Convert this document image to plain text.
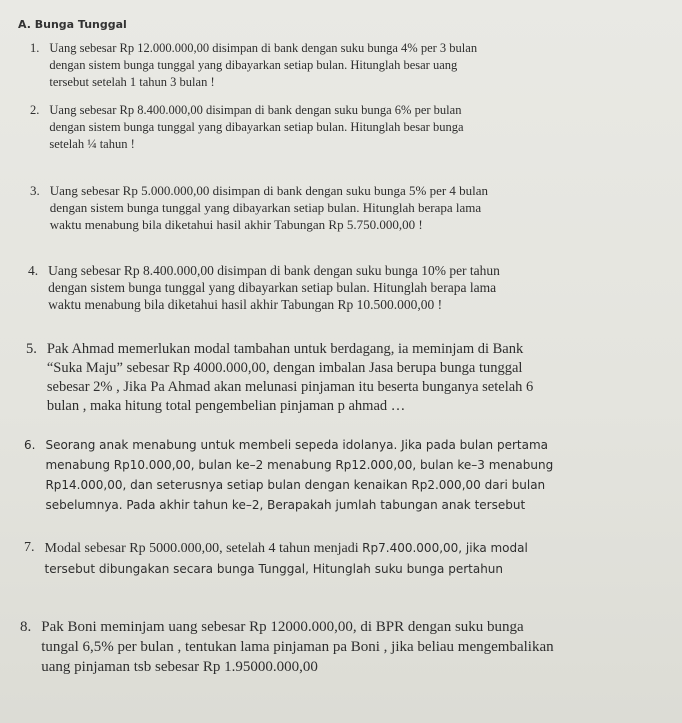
A. Bunga Tunggal
1. Uang sebesar Rp 12.000.000,00 disimpan di bank dengan suku bunga 4% per 3 bulan
dengan sistem bunga tunggal yang dibayarkan setiap bulan. Hitunglah besar uang
tersebut setelah 1 tahun 3 bulan !
2. Uang sebesar Rp 8.400.000,00 disimpan di bank dengan suku bunga 6% per bulan
dengan sistem bunga tunggal yang dibayarkan setiap bulan. Hitunglah besar bunga
setelah ¼ tahun !
3. Uang sebesar Rp 5.000.000,00 disimpan di bank dengan suku bunga 5% per 4 bulan
dengan sistem bunga tunggal yang dibayarkan setiap bulan. Hitunglah berapa lama
waktu menabung bila diketahui hasil akhir Tabungan Rp 5.750.000,00 !
4. Uang sebesar Rp 8.400.000,00 disimpan di bank dengan suku bunga 10% per tahun
dengan sistem bunga tunggal yang dibayarkan setiap bulan. Hitunglah berapa lama
waktu menabung bila diketahui hasil akhir Tabungan Rp 10.500.000,00 !
5. Pak Ahmad memerlukan modal tambahan untuk berdagang, ia meminjam di Bank
“Suka Maju” sebesar Rp 4000.000,00, dengan imbalan Jasa berupa bunga tunggal
sebesar 2% , Jika Pa Ahmad akan melunasi pinjaman itu beserta bunganya setelah 6
bulan , maka hitung total pengembelian pinjaman p ahmad …
6. Seorang anak menabung untuk membeli sepeda idolanya. Jika pada bulan pertama
menabung Rp10.000,00, bulan ke–2 menabung Rp12.000,00, bulan ke–3 menabung
Rp14.000,00, dan seterusnya setiap bulan dengan kenaikan Rp2.000,00 dari bulan
sebelumnya. Pada akhir tahun ke–2, Berapakah jumlah tabungan anak tersebut
7. Modal sebesar Rp 5000.000,00, setelah 4 tahun menjadi Rp7.400.000,00, jika modal
tersebut dibungakan secara bunga Tunggal, Hitunglah suku bunga pertahun
8. Pak Boni meminjam uang sebesar Rp 12000.000,00, di BPR dengan suku bunga
tungal 6,5% per bulan , tentukan lama pinjaman pa Boni , jika beliau mengembalikan
uang pinjaman tsb sebesar Rp 1.95000.000,00
